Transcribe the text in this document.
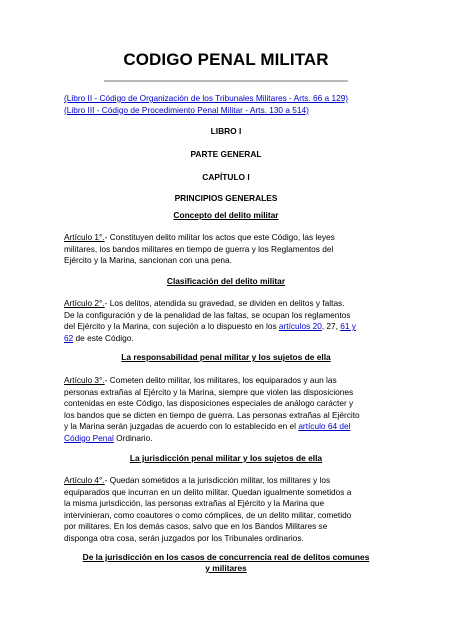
CODIGO PENAL MILITAR
(Libro II - Código de Organización de los Tribunales Militares - Arts. 66 a 129)
(Libro III - Código de Procedimiento Penal Militar - Arts. 130 a 514)

LIBRO I

PARTE GENERAL

CAPÍTULO I

PRINCIPIOS GENERALES

Concepto del delito militar

Artículo 1°.- Constituyen delito militar los actos que este Código, las leyes
militares, los bandos militares en tiempo de guerra y los Reglamentos del
Ejército y la Marina, sancionan con una pena.

Clasificación del delito militar

Artículo 2°.- Los delitos, atendida su gravedad, se dividen en delitos y faltas.
De la configuración y de la penalidad de las faltas, se ocupan los reglamentos
del Ejército y la Marina, con sujeción a lo dispuesto en los artículos 20, 27, 61 y
62 de este Código.

La responsabilidad penal militar y los sujetos de ella

Artículo 3°.- Cometen delito militar, los militares, los equiparados y aun las
personas extrañas al Ejército y la Marina, siempre que violen las disposiciones
contenidas en este Código, las disposiciones especiales de análogo carácter y
los bandos que se dicten en tiempo de guerra. Las personas extrañas al Ejército
y la Marina serán juzgadas de acuerdo con lo establecido en el artículo 64 del
Código Penal Ordinario.

La jurisdicción penal militar y los sujetos de ella

Artículo 4°.- Quedan sometidos a la jurisdicción militar, los militares y los
equiparados que incurran en un delito militar. Quedan igualmente sometidos a
la misma jurisdicción, las personas extrañas al Ejército y la Marina que
intervinieran, como coautores o como cómplices, de un delito militar, cometido
por militares. En los demás casos, salvo que en los Bandos Militares se
disponga otra cosa, serán juzgados por los Tribunales ordinarios.

De la jurisdicción en los casos de concurrencia real de delitos comunes

y militares
